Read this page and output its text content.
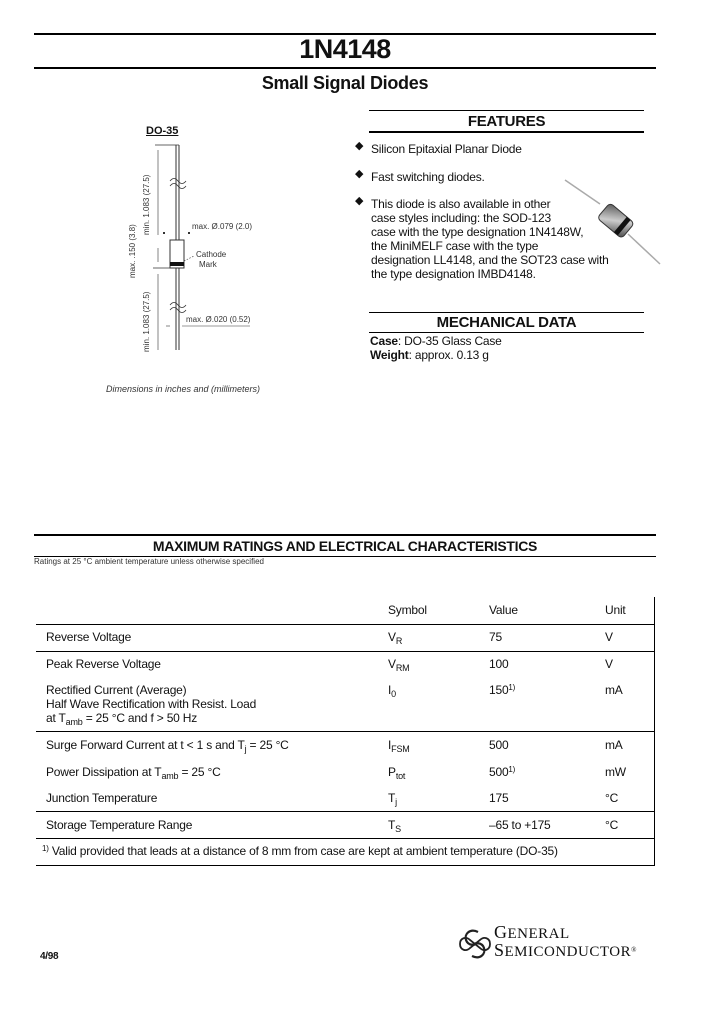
1N4148
Small Signal Diodes
DO-35
min. 1.083 (27.5)
max. .150 (3.8)
min. 1.083 (27.5)
max. Ø.079 (2.0)
Cathode
Mark
max. Ø.020 (0.52)
Dimensions in inches and (millimeters)
FEATURES
◆ Silicon Epitaxial Planar Diode
◆ Fast switching diodes.
◆ This diode is also available in other
case styles including: the SOD-123
case with the type designation 1N4148W,
the MiniMELF case with the type
designation LL4148, and the SOT23 case with
the type designation IMBD4148.
MECHANICAL DATA
Case: DO-35 Glass Case
Weight: approx. 0.13 g
MAXIMUM RATINGS AND ELECTRICAL CHARACTERISTICS
Ratings at 25 °C ambient temperature unless otherwise specified
Symbol	Value	Unit
Reverse Voltage	$V_R$	75	V
Peak Reverse Voltage	$V_{RM}$	100	V
Rectified Current (Average)
Half Wave Rectification with Resist. Load
at $T_{amb} = 25$ °C and f > 50 Hz
$I_0$	150$^{1)}$	mA
Surge Forward Current at t < 1 s and $T_j = 25$ °C	$I_{FSM}$	500	mA
Power Dissipation at $T_{amb} = 25$ °C	$P_{tot}$	500$^{1)}$	mW
Junction Temperature	$T_j$	175	°C
Storage Temperature Range	$T_S$	–65 to +175	°C
$^{1)}$ Valid provided that leads at a distance of 8 mm from case are kept at ambient temperature (DO-35)
4/98
GENERAL
SEMICONDUCTOR®
